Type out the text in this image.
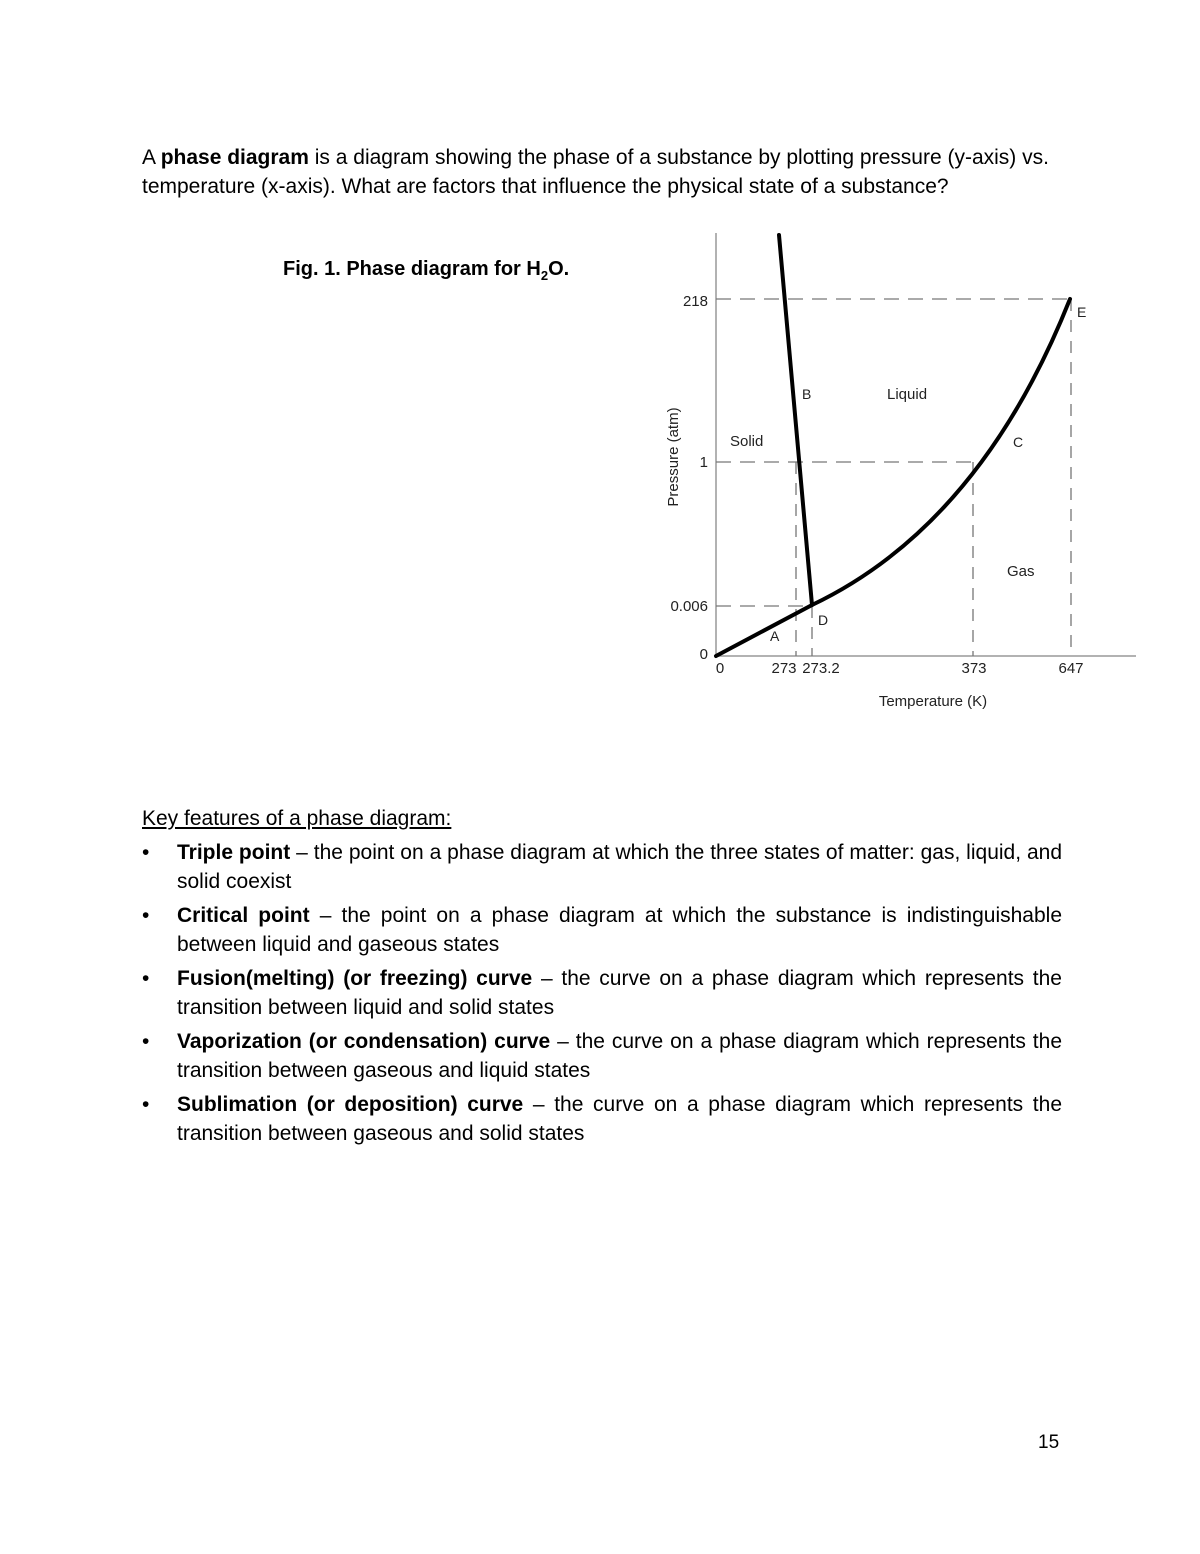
A phase diagram is a diagram showing the phase of a substance by plotting pressure (y-axis) vs. temperature (x-axis). What are factors that influence the physical state of a substance?

Fig. 1. Phase diagram for $H_2O$.

218
1
0.006
0
0	273 273.2	373	647
Temperature (K)
Pressure (atm)	Solid
Liquid
Gas
A
B
C
D
E

Key features of a phase diagram:

• Triple point – the point on a phase diagram at which the three states of matter: gas, liquid, and solid coexist
• Critical point – the point on a phase diagram at which the substance is indistinguishable between liquid and gaseous states
• Fusion(melting) (or freezing) curve – the curve on a phase diagram which represents the transition between liquid and solid states
• Vaporization (or condensation) curve – the curve on a phase diagram which represents the transition between gaseous and liquid states
• Sublimation (or deposition) curve – the curve on a phase diagram which represents the transition between gaseous and solid states
15
